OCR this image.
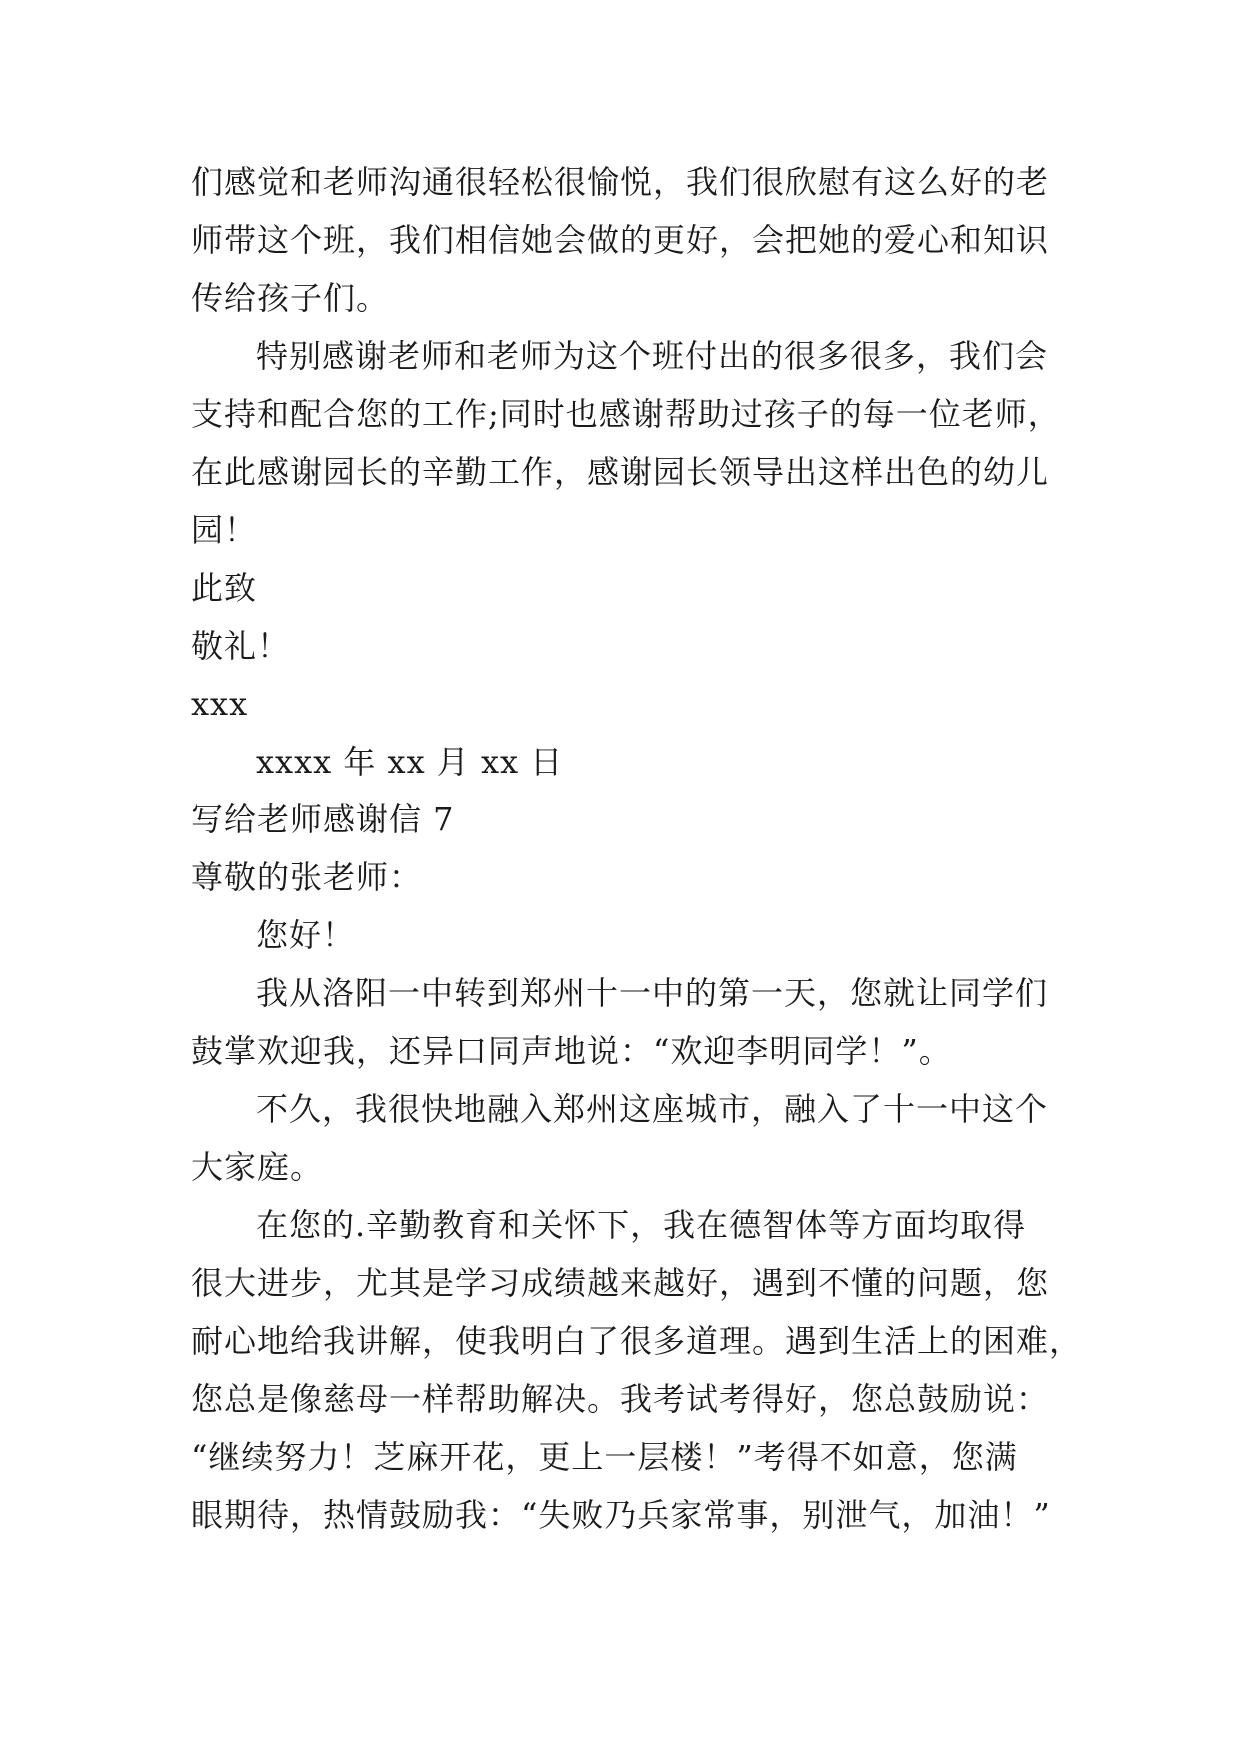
们感觉和老师沟通很轻松很愉悦，我们很欣慰有这么好的老
师带这个班，我们相信她会做的更好，会把她的爱心和知识
传给孩子们。
特别感谢老师和老师为这个班付出的很多很多，我们会
支持和配合您的工作;同时也感谢帮助过孩子的每一位老师，
在此感谢园长的辛勤工作，感谢园长领导出这样出色的幼儿
园！
此致
敬礼！
xxx
xxxx 年 xx 月 xx 日
写给老师感谢信 7
尊敬的张老师：
您好！
我从洛阳一中转到郑州十一中的第一天，您就让同学们
鼓掌欢迎我，还异口同声地说：“欢迎李明同学！”。
不久，我很快地融入郑州这座城市，融入了十一中这个
大家庭。
在您的.辛勤教育和关怀下，我在德智体等方面均取得
很大进步，尤其是学习成绩越来越好，遇到不懂的问题，您
耐心地给我讲解，使我明白了很多道理。遇到生活上的困难，
您总是像慈母一样帮助解决。我考试考得好，您总鼓励说：
“继续努力！芝麻开花，更上一层楼！”考得不如意，您满
眼期待，热情鼓励我：“失败乃兵家常事，别泄气，加油！”
